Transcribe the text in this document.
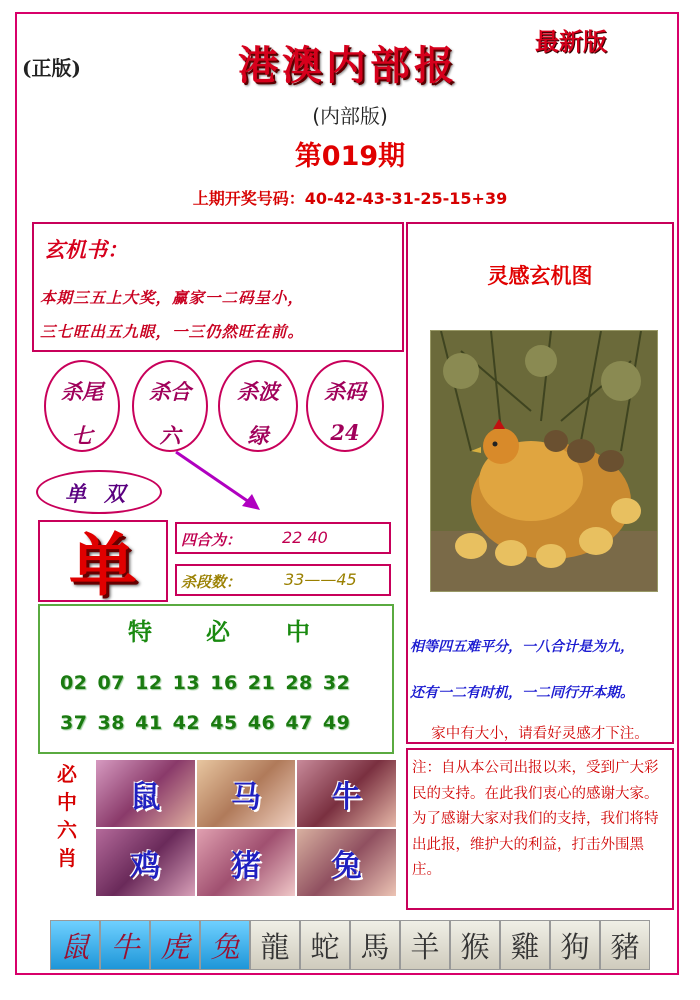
(正版)	港澳内部报
最新版
(内部版)
第019期
上期开奖号码：40-42-43-31-25-15+39
玄机书：
本期三五上大奖，赢家一二码呈小，
三七旺出五九眼，一三仍然旺在前。
杀尾
七
杀合
六
杀波
绿
杀码
24
单双
单	四合为：	22 40
杀段数：	33——45
特 必 中
02 07 12 13 16 21 28 32
37 38 41 42 45 46 47 49
必
中
六
肖
鼠 马 牛
鸡 猪 兔
灵感玄机图
相等四五难平分，一八合计是为九，
还有一二有时机，一二同行开本期。
家中有大小，请看好灵感才下注。
注：自从本公司出报以来，受到广大彩民的支持。在此我们衷心的感谢大家。为了感谢大家对我们的支持，我们将特出此报，维护大的利益，打击外围黑庄。
鼠 牛 虎 兔 龍 蛇 馬 羊 猴 雞 狗 豬
